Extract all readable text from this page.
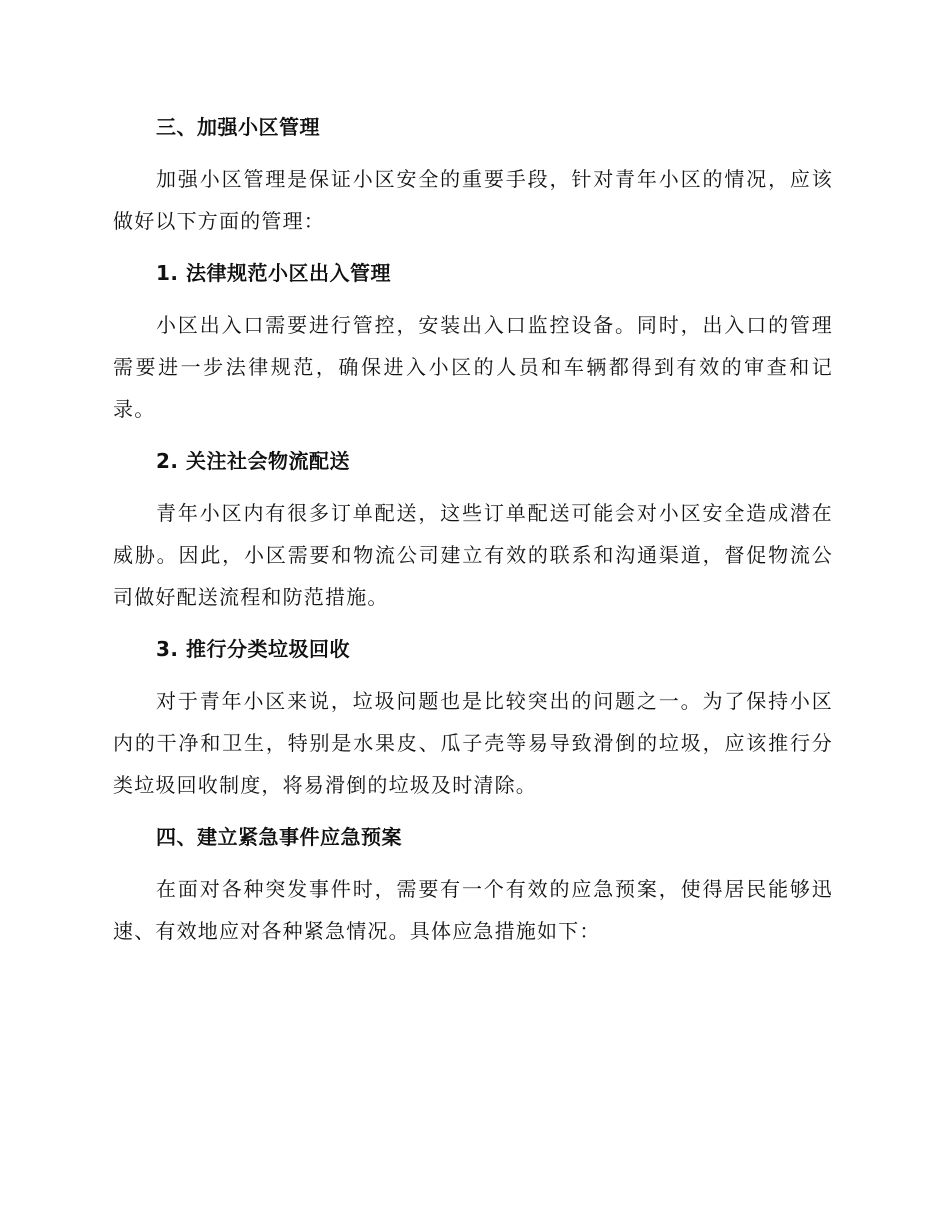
三、加强小区管理
加强小区管理是保证小区安全的重要手段，针对青年小区的情况，应该做好以下方面的管理：
1. 法律规范小区出入管理
小区出入口需要进行管控，安装出入口监控设备。同时，出入口的管理需要进一步法律规范，确保进入小区的人员和车辆都得到有效的审查和记录。
2. 关注社会物流配送
青年小区内有很多订单配送，这些订单配送可能会对小区安全造成潜在威胁。因此，小区需要和物流公司建立有效的联系和沟通渠道，督促物流公司做好配送流程和防范措施。
3. 推行分类垃圾回收
对于青年小区来说，垃圾问题也是比较突出的问题之一。为了保持小区内的干净和卫生，特别是水果皮、瓜子壳等易导致滑倒的垃圾，应该推行分类垃圾回收制度，将易滑倒的垃圾及时清除。
四、建立紧急事件应急预案
在面对各种突发事件时，需要有一个有效的应急预案，使得居民能够迅速、有效地应对各种紧急情况。具体应急措施如下：
